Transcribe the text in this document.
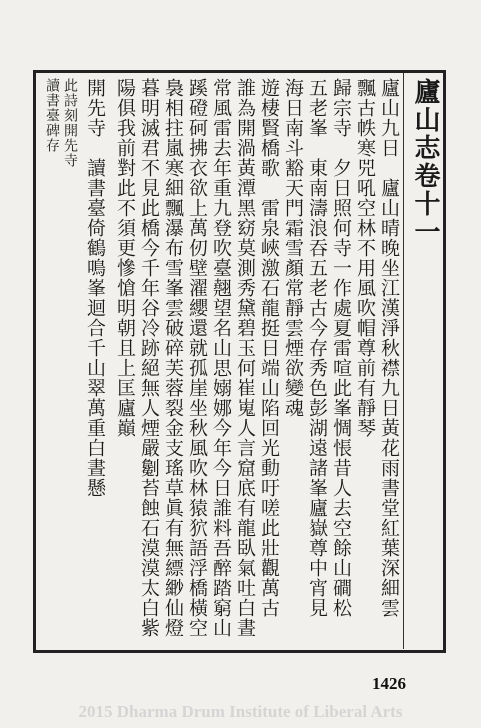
廬山志卷十一
廬山九日　廬山晴晚坐江漢淨秋襟九日黃花雨書堂紅葉深細雲
飄古帙寒兕吼空林不用風吹帽尊前有靜琴
歸宗寺　夕日照何寺一作處夏雷喧此峯惆悵昔人去空餘山磵松
五老峯　東南濤浪吞五老古今存秀色彭湖遠諸峯廬嶽尊中宵見
海日南斗豁天門霜雪顏常靜雲煙欲變魂
遊棲賢橋歌　雷泉峽激石龍挺日端山陷回光動吁嗟此壯觀萬古
誰為開渦黃潭黑窈莫測秀黛碧玉何崔嵬人言窟底有龍臥氣吐白晝
常風雷去年重九登吹臺翹望名山思嫋娜今年今日誰料吾醉踏窮山
蹊磴砢拂衣欲上萬仞壁濯纓還就孤崖坐秋風吹林猿狖語浮橋橫空
裊相拄嵐寒細飄瀑布雪峯雲破碎芙蓉裂金支瑤草眞有無縹緲仙燈
暮明滅君不見此橋今千年谷冷跡絕無人煙嚴劖苔蝕石漠漠太白紫
陽俱我前對此不須更慘愴明朝且上匡廬巔
此詩刻開先寺
讀書臺碑存 開先寺　讀書臺倚鶴鳴峯迴合千山翠萬重白晝懸
1426
2015 Dharma Drum Institute of Liberal Arts
